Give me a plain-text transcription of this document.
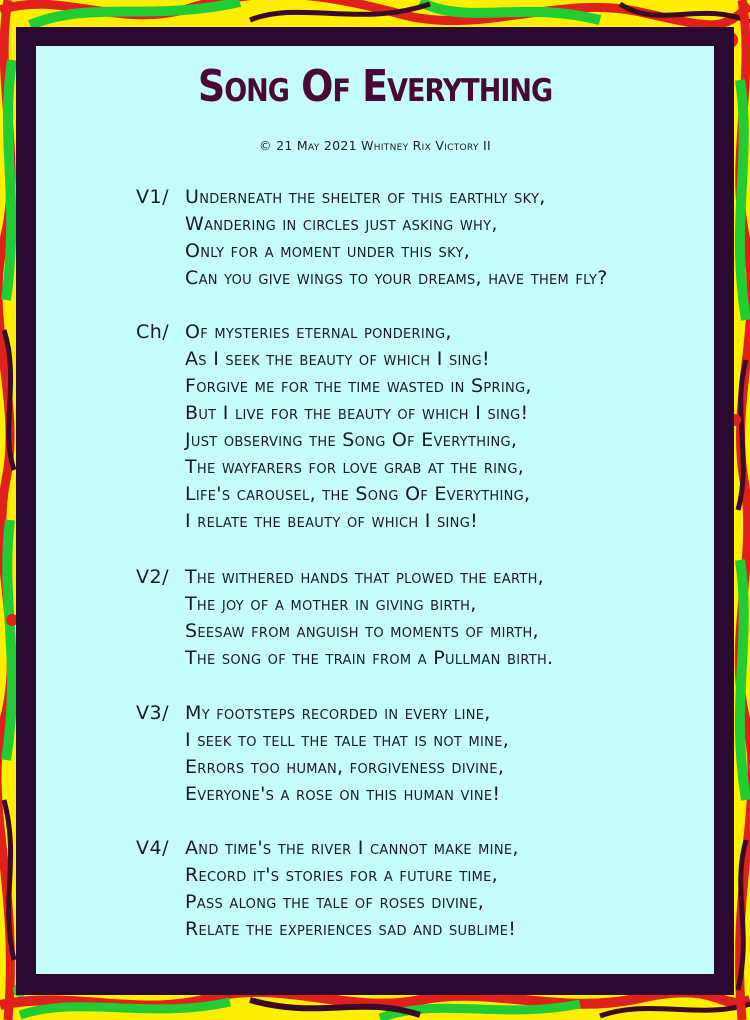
Song Of Everything
© 21 May 2021 Whitney Rix Victory II
V1/ Underneath the shelter of this earthly sky,
Wandering in circles just asking why,
Only for a moment under this sky,
Can you give wings to your dreams, have them fly?
Ch/ Of mysteries eternal pondering,
As I seek the beauty of which I sing!
Forgive me for the time wasted in Spring,
But I live for the beauty of which I sing!
Just observing the Song Of Everything,
The wayfarers for love grab at the ring,
Life's carousel, the Song Of Everything,
I relate the beauty of which I sing!
V2/ The withered hands that plowed the earth,
The joy of a mother in giving birth,
Seesaw from anguish to moments of mirth,
The song of the train from a Pullman birth.
V3/ My footsteps recorded in every line,
I seek to tell the tale that is not mine,
Errors too human, forgiveness divine,
Everyone's a rose on this human vine!
V4/ And time's the river I cannot make mine,
Record it's stories for a future time,
Pass along the tale of roses divine,
Relate the experiences sad and sublime!
